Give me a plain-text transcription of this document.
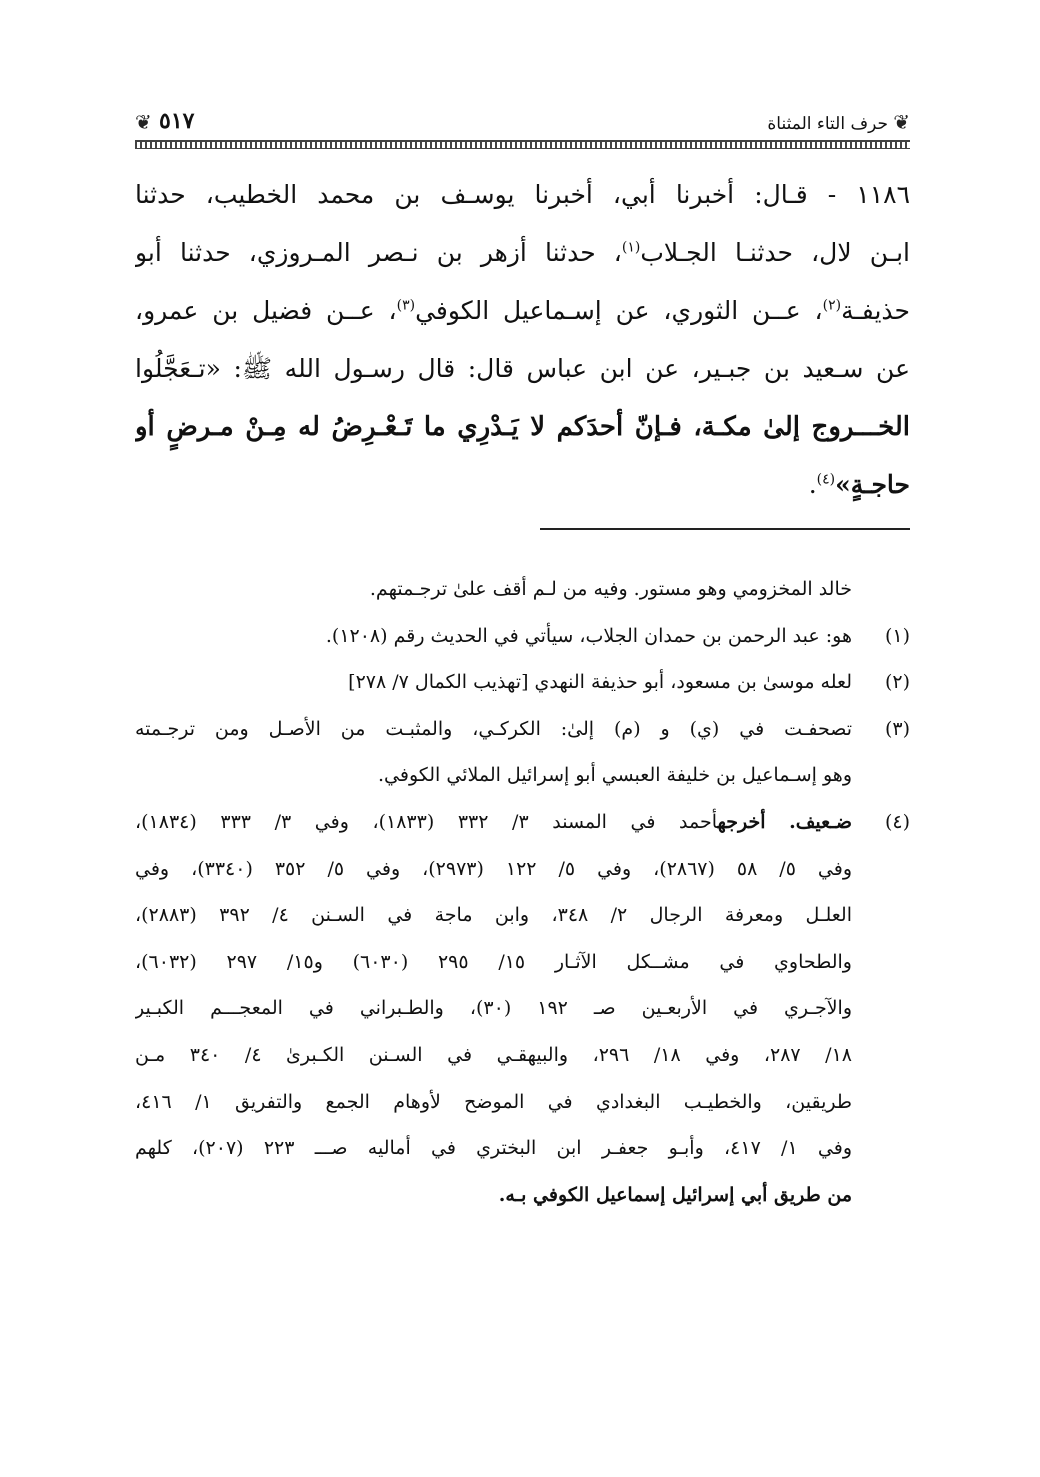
❦
حرف التاء المثناة
٥١٧
❦
١١٨٦ - قـال: أخبرنا أبي، أخبرنا يوسـف بن محمد الخطيب، حدثنا
ابـن لال، حدثنـا الجـلاب$^{(١)}$، حدثنا أزهر بن نـصر المـروزي، حدثنا أبو
حذيفـة$^{(٢)}$، عــن الثوري، عن إسـماعيل الكوفي$^{(٣)}$، عــن فضيل بن عمرو،
عن سـعيد بن جبـير، عن ابن عباس قال: قال رسـول الله ﷺ: «تـعَجَّلُوا
الخـــروج إلىٰ مكـة، فـإنّ أحدَكم لا يَـدْرِي ما تَـعْـرِضُ له مِـنْ مـرضٍ أو
حاجـةٍ»$^{(٤)}$.
خالد المخزومي وهو مستور. وفيه من لـم أقف علىٰ ترجـمتهم.
(١)
هو: عبد الرحمن بن حمدان الجلاب، سيأتي في الحديث رقم (١٢٠٨).
(٢)
لعله موسىٰ بن مسعود، أبو حذيفة النهدي [تهذيب الكمال ٧/ ٢٧٨]
(٣)
تصحفـت في (ي) و (م) إلىٰ: الكركـي، والمثبـت من الأصـل ومن ترجـمته
وهو إسـماعيل بن خليفة العبسي أبو إسرائيل الملائي الكوفي.
(٤)
ضـعيف. أخرجهأحمد في المسند ٣/ ٣٣٢ (١٨٣٣)، وفي ٣/ ٣٣٣ (١٨٣٤)،
وفي ٥/ ٥٨ (٢٨٦٧)، وفي ٥/ ١٢٢ (٢٩٧٣)، وفي ٥/ ٣٥٢ (٣٣٤٠)، وفي
العلـل ومعرفة الرجال ٢/ ٣٤٨، وابن ماجة في السـنن ٤/ ٣٩٢ (٢٨٨٣)،
والطحاوي في مشــكل الآثـار ١٥/ ٢٩٥ (٦٠٣٠) و١٥/ ٢٩٧ (٦٠٣٢)،
والآجـري في الأربعـين صـ ١٩٢ (٣٠)، والطـبراني في المعجـــم الكبـير
١٨/ ٢٨٧، وفي ١٨/ ٢٩٦، والبيهقـي في السـنن الكـبرىٰ ٤/ ٣٤٠ مـن
طريقين، والخطيـب البغدادي في الموضح لأوهام الجمع والتفريق ١/ ٤١٦،
وفي ١/ ٤١٧، وأبـو جعفـر ابن البختري في أماليه صـــ ٢٢٣ (٢٠٧)، كلهم
من طريق أبي إسرائيل إسماعيل الكوفي بـه.
